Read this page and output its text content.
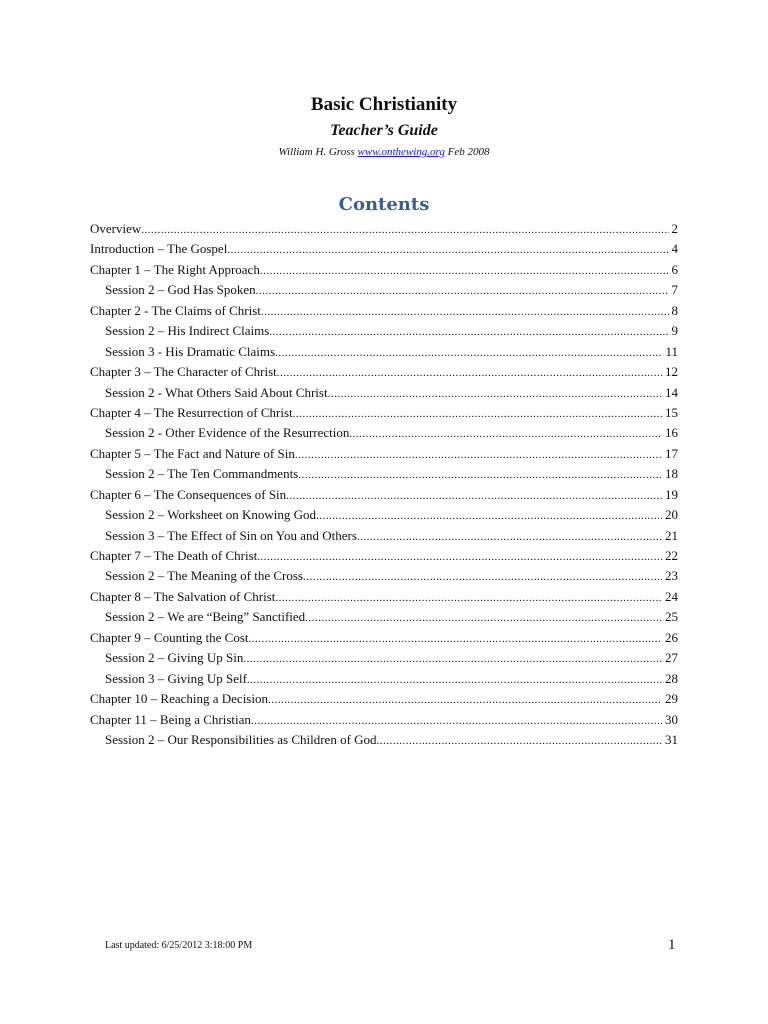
Basic Christianity
Teacher’s Guide
William H. Gross www.onthewing.org Feb 2008
Contents
Overview .....	2
Introduction – The Gospel .....	4
Chapter 1 – The Right Approach .....	6
Session 2 – God Has Spoken .....	7
Chapter 2 - The Claims of Christ .....	8
Session 2 – His Indirect Claims .....	9
Session 3 - His Dramatic Claims .....	11
Chapter 3 – The Character of Christ .....	12
Session 2 - What Others Said About Christ .....	14
Chapter 4 – The Resurrection of Christ .....	15
Session 2 - Other Evidence of the Resurrection .....	16
Chapter 5 – The Fact and Nature of Sin .....	17
Session 2 – The Ten Commandments .....	18
Chapter 6 – The Consequences of Sin .....	19
Session 2 – Worksheet on Knowing God .....	20
Session 3 – The Effect of Sin on You and Others .....	21
Chapter 7 – The Death of Christ .....	22
Session 2 – The Meaning of the Cross .....	23
Chapter 8 – The Salvation of Christ .....	24
Session 2 – We are “Being” Sanctified .....	25
Chapter 9 – Counting the Cost .....	26
Session 2 – Giving Up Sin .....	27
Session 3 – Giving Up Self .....	28
Chapter 10 – Reaching a Decision .....	29
Chapter 11 – Being a Christian .....	30
Session 2 – Our Responsibilities as Children of God .....	31
Last updated: 6/25/2012 3:18:00 PM	1
